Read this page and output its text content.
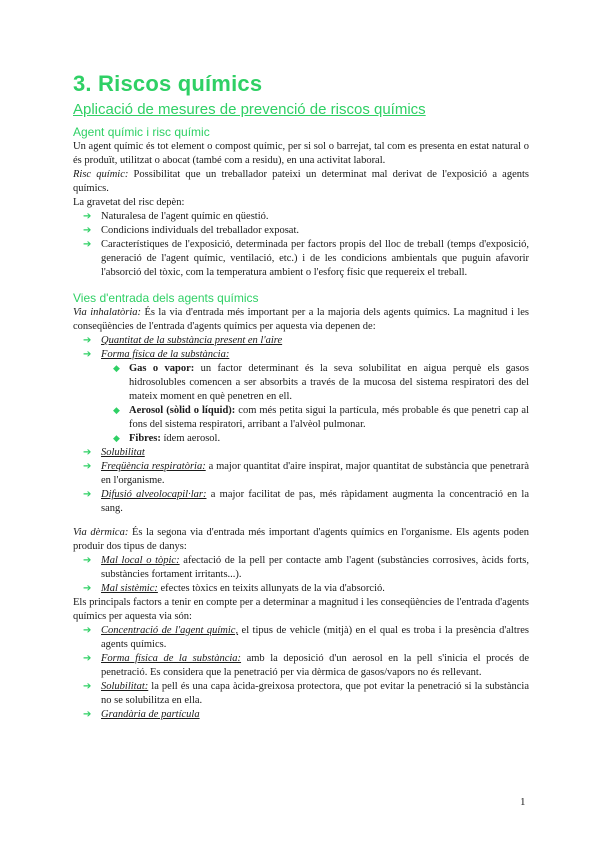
3. Riscos químics
Aplicació de mesures de prevenció de riscos químics
Agent químic i risc químic

Un agent químic és tot element o compost químic, per si sol o barrejat, tal com es presenta en estat natural o és produït, utilitzat o abocat (també com a residu), en una activitat laboral.

Risc químic: Possibilitat que un treballador pateixi un determinat mal derivat de l'exposició a agents químics.

La gravetat del risc depèn:

➔ Naturalesa de l'agent químic en qüestió.
➔ Condicions individuals del treballador exposat.
➔ Característiques de l'exposició, determinada per factors propis del lloc de treball (temps d'exposició, generació de l'agent químic, ventilació, etc.) i de les condicions ambientals que puguin afavorir l'absorció del tòxic, com la temperatura ambient o l'esforç físic que requereix el treball.
Vies d'entrada dels agents químics

Via inhalatòria: És la via d'entrada més important per a la majoria dels agents químics. La magnitud i les conseqüències de l'entrada d'agents químics per aquesta via depenen de:

➔ Quantitat de la substància present en l'aire
➔ Forma física de la substància:
◆ Gas o vapor: un factor determinant és la seva solubilitat en aigua perquè els gasos hidrosolubles comencen a ser absorbits a través de la mucosa del sistema respiratori des del mateix moment en què penetren en ell.
◆ Aerosol (sòlid o líquid): com més petita sigui la partícula, més probable és que penetri cap al fons del sistema respiratori, arribant a l'alvèol pulmonar.
◆ Fibres: ídem aerosol.
➔ Solubilitat
➔ Freqüència respiratòria: a major quantitat d'aire inspirat, major quantitat de substància que penetrarà en l'organisme.
➔ Difusió alveolocapil·lar: a major facilitat de pas, més ràpidament augmenta la concentració en la sang.

Via dèrmica: És la segona via d'entrada més important d'agents químics en l'organisme. Els agents poden produir dos tipus de danys:

➔ Mal local o tòpic: afectació de la pell per contacte amb l'agent (substàncies corrosives, àcids forts, substàncies fortament irritants...).
➔ Mal sistèmic: efectes tòxics en teixits allunyats de la via d'absorció.

Els principals factors a tenir en compte per a determinar a magnitud i les conseqüències de l'entrada d'agents químics per aquesta via són:

➔ Concentració de l'agent químic, el tipus de vehicle (mitjà) en el qual es troba i la presència d'altres agents químics.
➔ Forma física de la substància: amb la deposició d'un aerosol en la pell s'inicia el procés de penetració. Es considera que la penetració per via dèrmica de gasos/vapors no és rellevant.
➔ Solubilitat: la pell és una capa àcida-greixosa protectora, que pot evitar la penetració si la substància no se solubilitza en ella.
➔ Grandària de partícula
1
